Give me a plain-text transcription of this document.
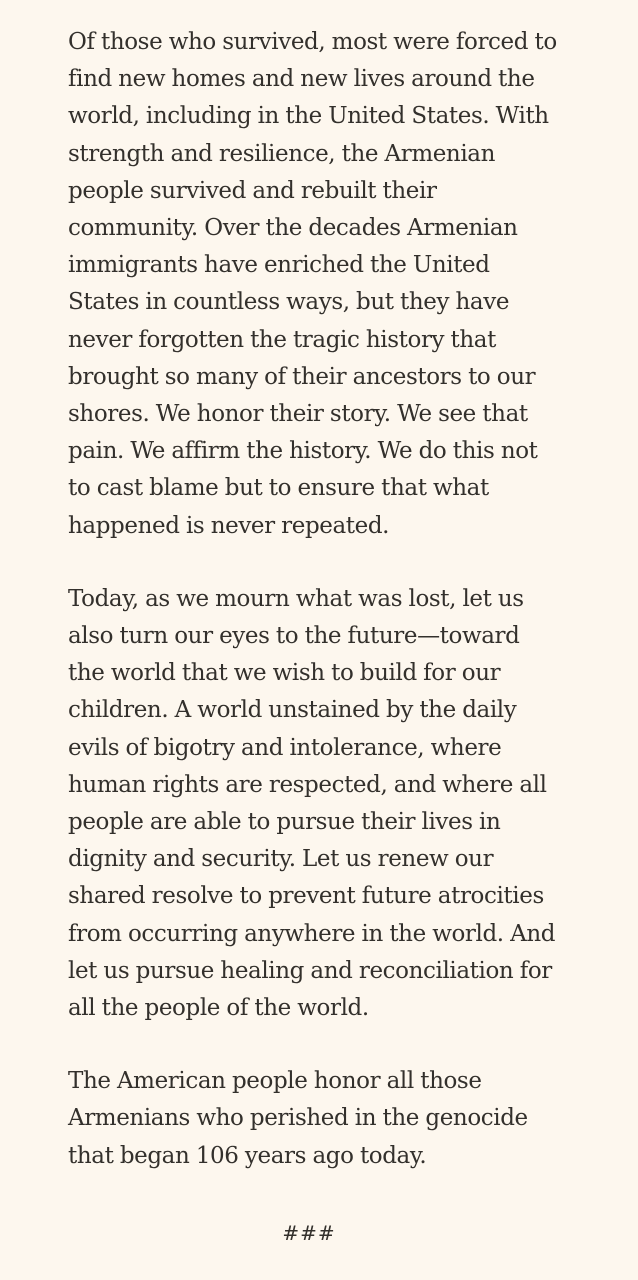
Of those who survived, most were forced to find new homes and new lives around the world, including in the United States. With strength and resilience, the Armenian people survived and rebuilt their community. Over the decades Armenian immigrants have enriched the United States in countless ways, but they have never forgotten the tragic history that brought so many of their ancestors to our shores. We honor their story. We see that pain. We affirm the history. We do this not to cast blame but to ensure that what happened is never repeated.

Today, as we mourn what was lost, let us also turn our eyes to the future—toward the world that we wish to build for our children. A world unstained by the daily evils of bigotry and intolerance, where human rights are respected, and where all people are able to pursue their lives in dignity and security. Let us renew our shared resolve to prevent future atrocities from occurring anywhere in the world. And let us pursue healing and reconciliation for all the people of the world.

The American people honor all those Armenians who perished in the genocide that began 106 years ago today.

###
